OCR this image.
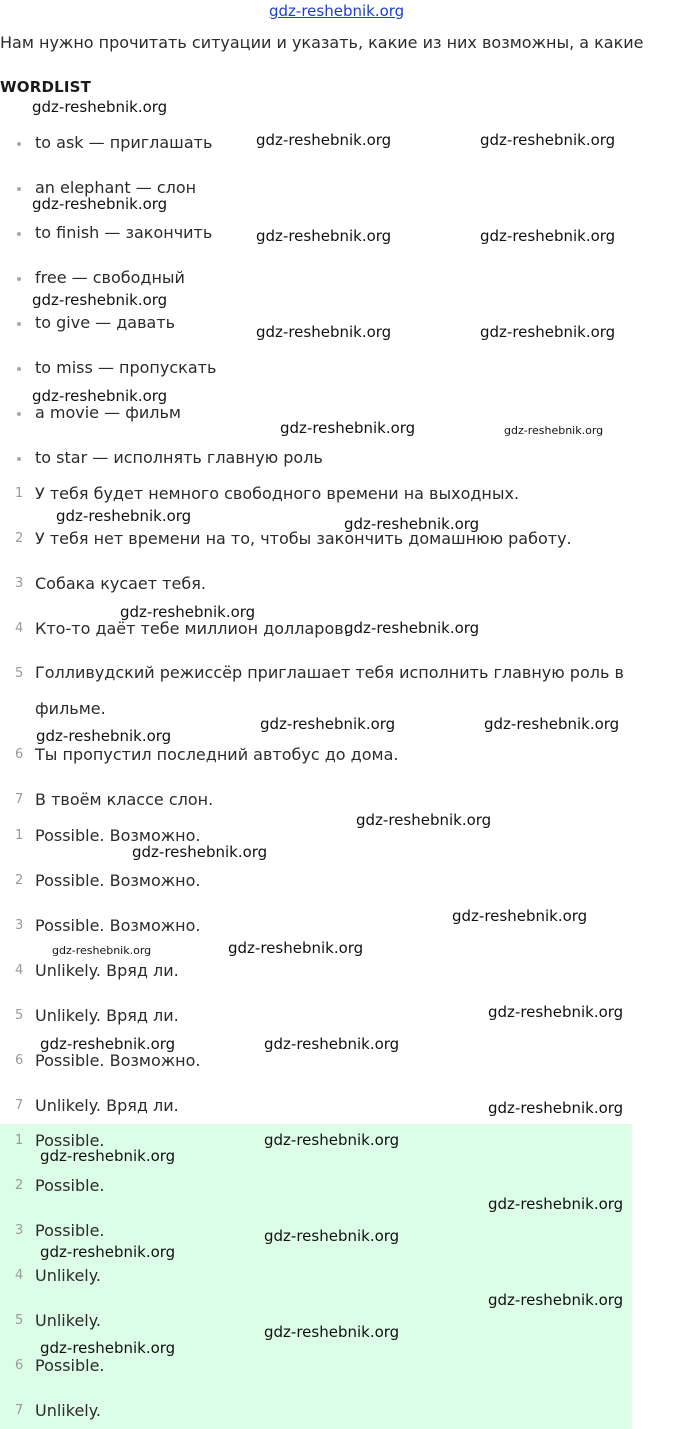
gdz-reshebnik.org
Нам нужно прочитать ситуации и указать, какие из них возможны, а какие
WORDLIST
to ask — приглашать
an elephant — слон
to finish — закончить
free — свободный
to give — давать
to miss — пропускать
a movie — фильм
to star — исполнять главную роль
1 У тебя будет немного свободного времени на выходных.
2 У тебя нет времени на то, чтобы закончить домашнюю работу.
3 Собака кусает тебя.
4 Кто-то даёт тебе миллион долларов.
5 Голливудский режиссёр приглашает тебя исполнить главную роль в фильме.
6 Ты пропустил последний автобус до дома.
7 В твоём классе слон.
1 Possible. Возможно.
2 Possible. Возможно.
3 Possible. Возможно.
4 Unlikely. Вряд ли.
5 Unlikely. Вряд ли.
6 Possible. Возможно.
7 Unlikely. Вряд ли.
1 Possible.
2 Possible.
3 Possible.
4 Unlikely.
5 Unlikely.
6 Possible.
7 Unlikely.
gdz-reshebnik.org
gdz-reshebnik.org	gdz-reshebnik.org
gdz-reshebnik.org
gdz-reshebnik.org	gdz-reshebnik.org
gdz-reshebnik.org
gdz-reshebnik.org	gdz-reshebnik.org
gdz-reshebnik.org
gdz-reshebnik.org	gdz-reshebnik.org
gdz-reshebnik.org	gdz-reshebnik.org
gdz-reshebnik.org
gdz-reshebnik.org
gdz-reshebnik.org
gdz-reshebnik.org	gdz-reshebnik.org
gdz-reshebnik.org
gdz-reshebnik.org
gdz-reshebnik.org
gdz-reshebnik.org	gdz-reshebnik.org
gdz-reshebnik.org
gdz-reshebnik.org	gdz-reshebnik.org
gdz-reshebnik.org
gdz-reshebnik.org
gdz-reshebnik.org
gdz-reshebnik.org
gdz-reshebnik.org
gdz-reshebnik.org
gdz-reshebnik.org
gdz-reshebnik.org
gdz-reshebnik.org
